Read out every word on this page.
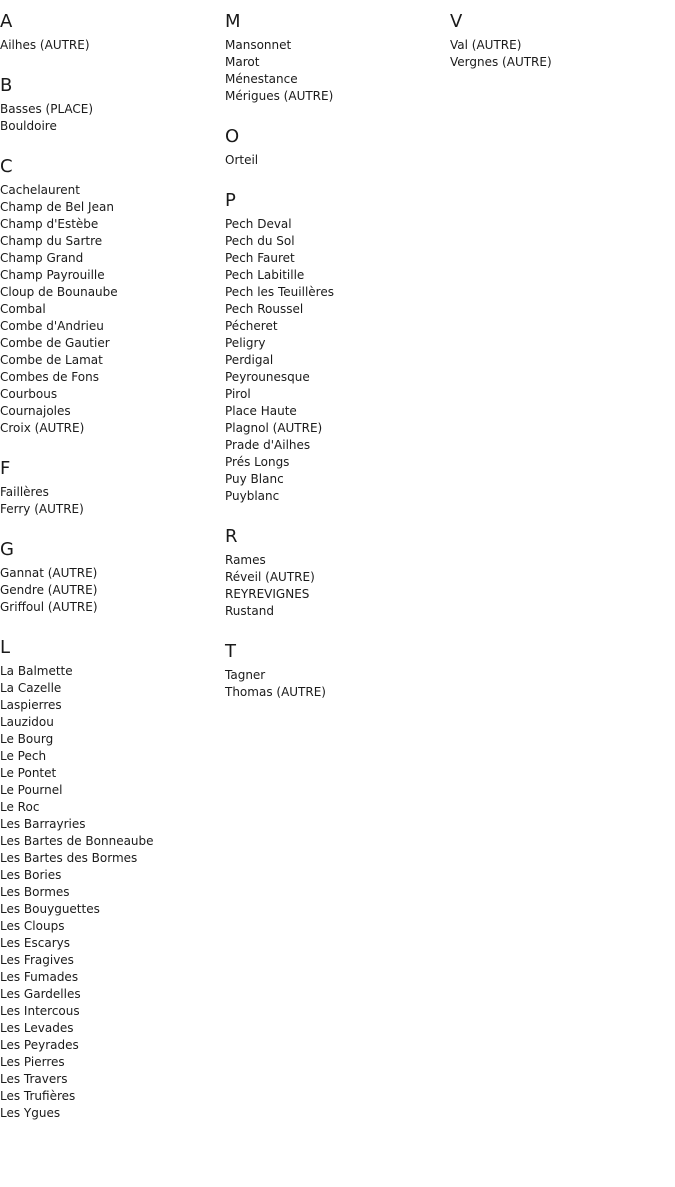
A
Ailhes (AUTRE)
B
Basses (PLACE)
Bouldoire
C
Cachelaurent
Champ de Bel Jean
Champ d'Estèbe
Champ du Sartre
Champ Grand
Champ Payrouille
Cloup de Bounaube
Combal
Combe d'Andrieu
Combe de Gautier
Combe de Lamat
Combes de Fons
Courbous
Cournajoles
Croix (AUTRE)
F
Faillères
Ferry (AUTRE)
G
Gannat (AUTRE)
Gendre (AUTRE)
Griffoul (AUTRE)
L
La Balmette
La Cazelle
Laspierres
Lauzidou
Le Bourg
Le Pech
Le Pontet
Le Pournel
Le Roc
Les Barrayries
Les Bartes de Bonneaube
Les Bartes des Bormes
Les Bories
Les Bormes
Les Bouyguettes
Les Cloups
Les Escarys
Les Fragives
Les Fumades
Les Gardelles
Les Intercous
Les Levades
Les Peyrades
Les Pierres
Les Travers
Les Trufières
Les Ygues
M
Mansonnet
Marot
Ménestance
Mérigues (AUTRE)
O
Orteil
P
Pech Deval
Pech du Sol
Pech Fauret
Pech Labitille
Pech les Teuillères
Pech Roussel
Pécheret
Peligry
Perdigal
Peyrounesque
Pirol
Place Haute
Plagnol (AUTRE)
Prade d'Ailhes
Prés Longs
Puy Blanc
Puyblanc
R
Rames
Réveil (AUTRE)
REYREVIGNES
Rustand
T
Tagner
Thomas (AUTRE)
V
Val (AUTRE)
Vergnes (AUTRE)
